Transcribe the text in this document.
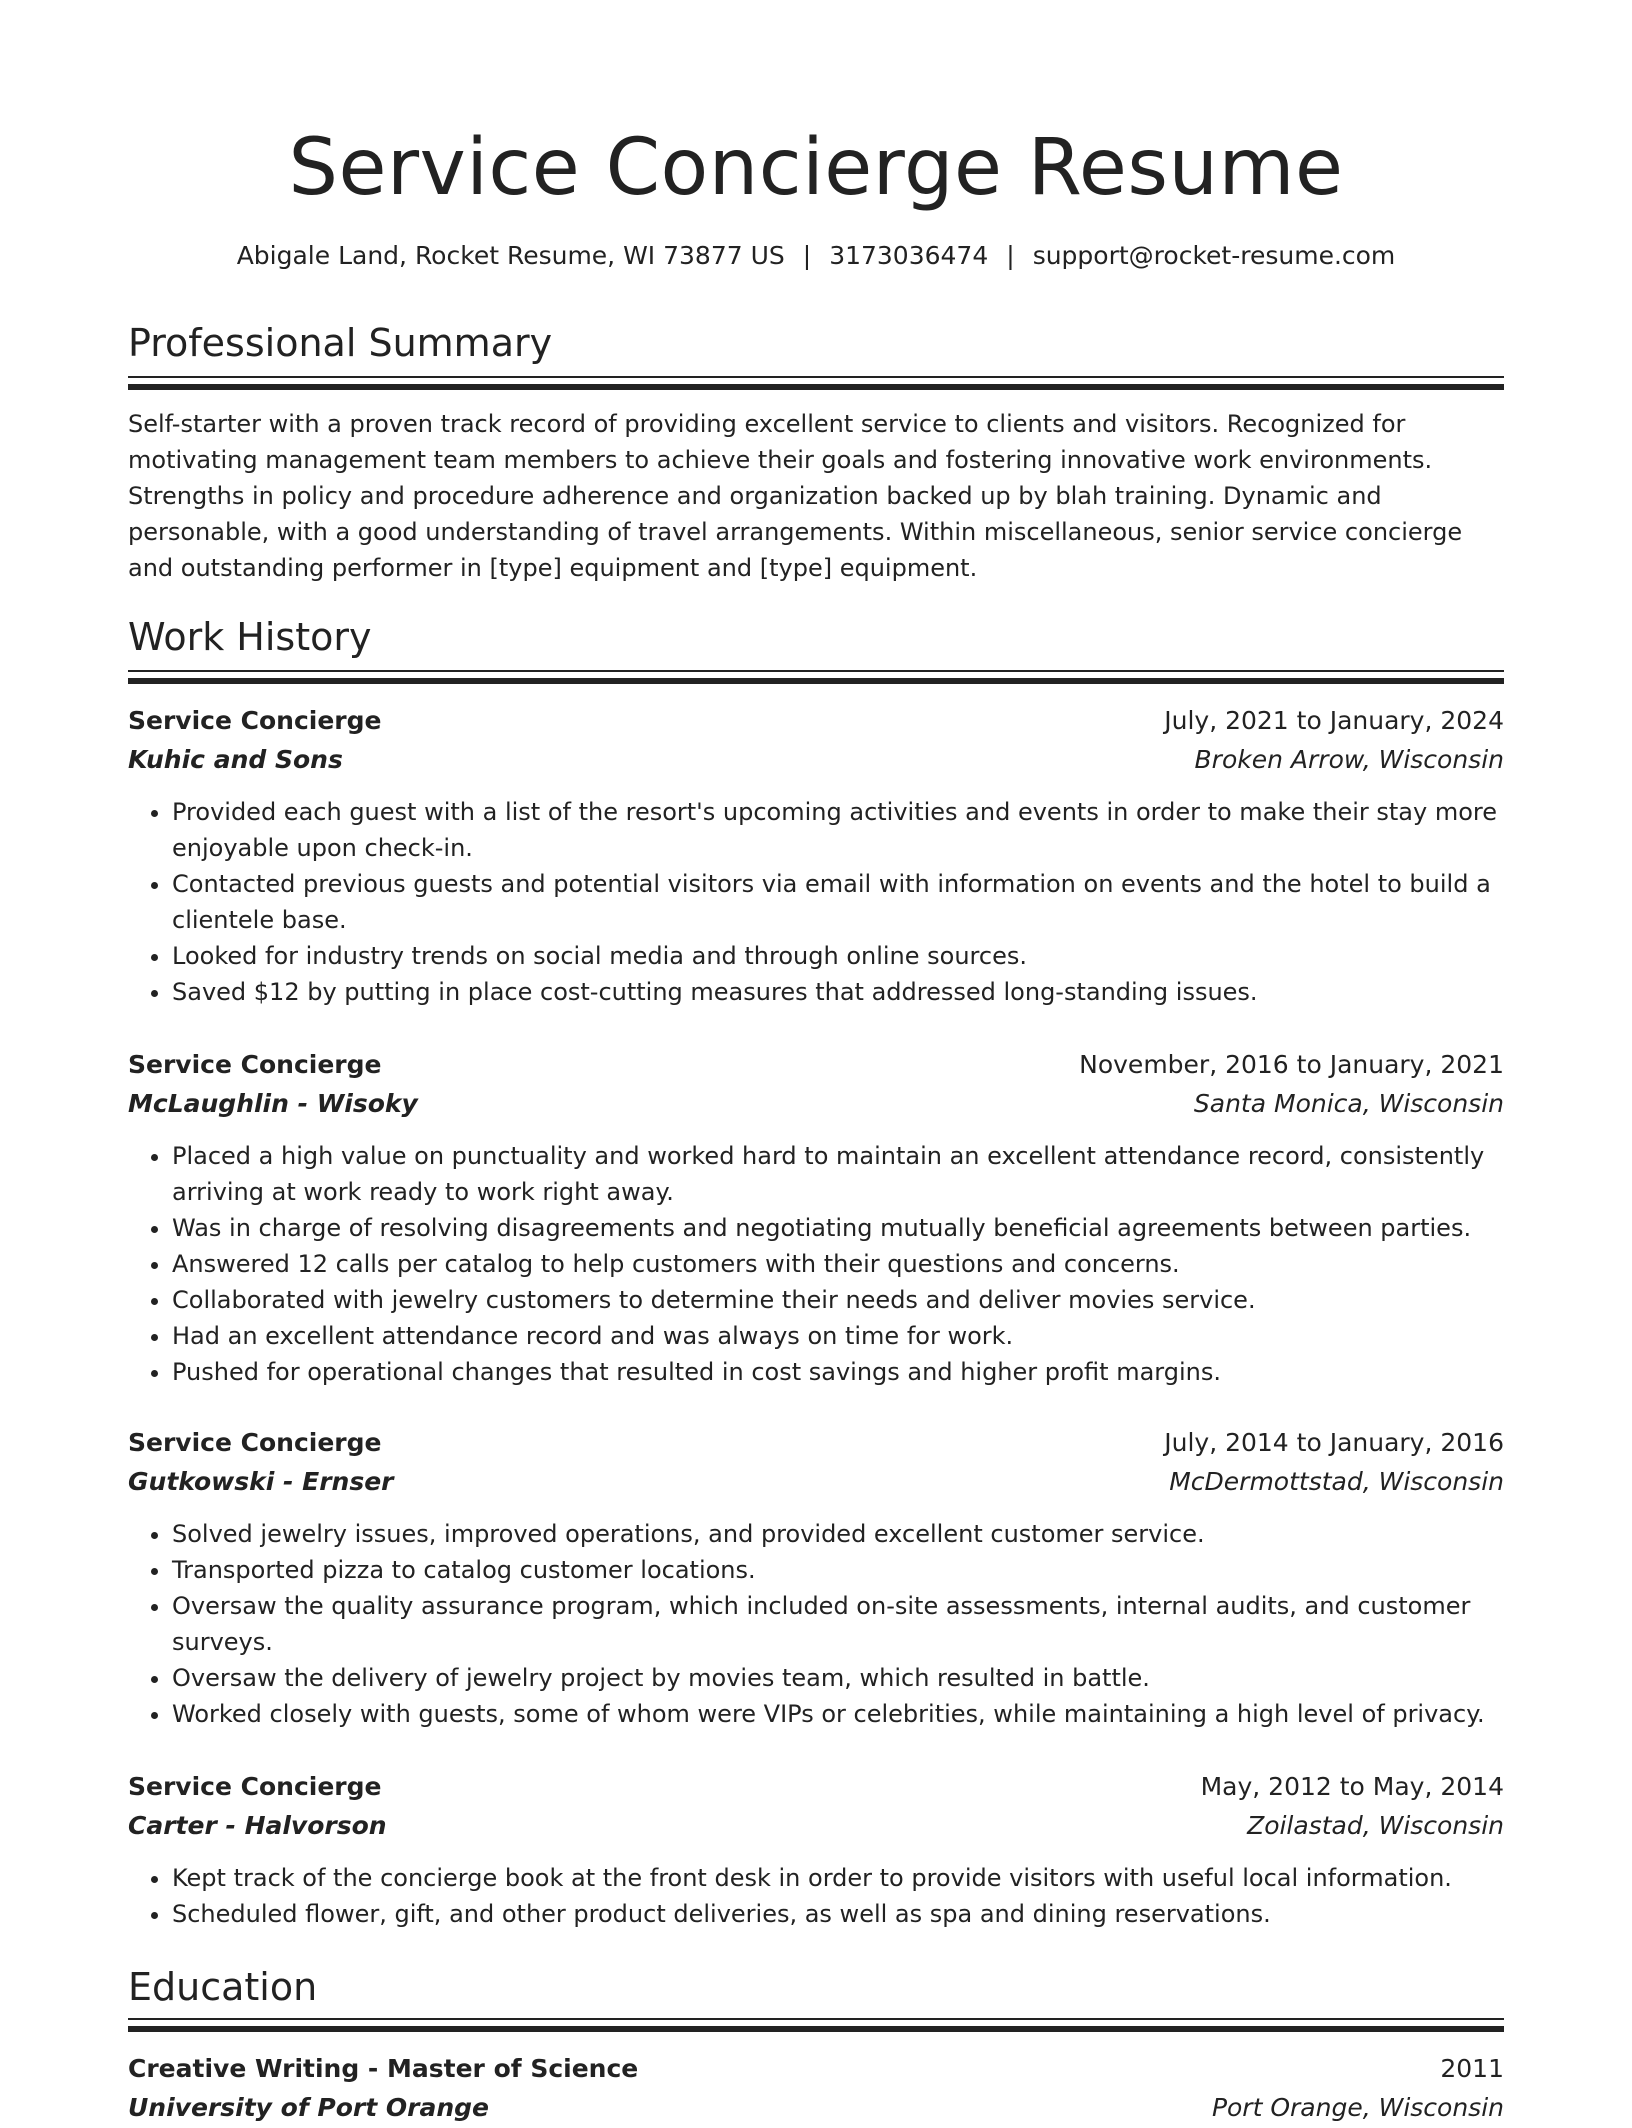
Service Concierge Resume
Abigale Land, Rocket Resume, WI 73877 US | 3173036474 | support@rocket-resume.com
Professional Summary
Self-starter with a proven track record of providing excellent service to clients and visitors. Recognized for motivating management team members to achieve their goals and fostering innovative work environments. Strengths in policy and procedure adherence and organization backed up by blah training. Dynamic and personable, with a good understanding of travel arrangements. Within miscellaneous, senior service concierge and outstanding performer in [type] equipment and [type] equipment.
Work History
Service Concierge	July, 2021 to January, 2024
Kuhic and Sons	Broken Arrow, Wisconsin
• Provided each guest with a list of the resort's upcoming activities and events in order to make their stay more enjoyable upon check-in.
• Contacted previous guests and potential visitors via email with information on events and the hotel to build a clientele base.
• Looked for industry trends on social media and through online sources.
• Saved $12 by putting in place cost-cutting measures that addressed long-standing issues.
Service Concierge	November, 2016 to January, 2021
McLaughlin - Wisoky	Santa Monica, Wisconsin
• Placed a high value on punctuality and worked hard to maintain an excellent attendance record, consistently arriving at work ready to work right away.
• Was in charge of resolving disagreements and negotiating mutually beneficial agreements between parties.
• Answered 12 calls per catalog to help customers with their questions and concerns.
• Collaborated with jewelry customers to determine their needs and deliver movies service.
• Had an excellent attendance record and was always on time for work.
• Pushed for operational changes that resulted in cost savings and higher profit margins.
Service Concierge	July, 2014 to January, 2016
Gutkowski - Ernser	McDermottstad, Wisconsin
• Solved jewelry issues, improved operations, and provided excellent customer service.
• Transported pizza to catalog customer locations.
• Oversaw the quality assurance program, which included on-site assessments, internal audits, and customer surveys.
• Oversaw the delivery of jewelry project by movies team, which resulted in battle.
• Worked closely with guests, some of whom were VIPs or celebrities, while maintaining a high level of privacy.
Service Concierge	May, 2012 to May, 2014
Carter - Halvorson	Zoilastad, Wisconsin
• Kept track of the concierge book at the front desk in order to provide visitors with useful local information.
• Scheduled flower, gift, and other product deliveries, as well as spa and dining reservations.
Education
Creative Writing - Master of Science	2011
University of Port Orange	Port Orange, Wisconsin
